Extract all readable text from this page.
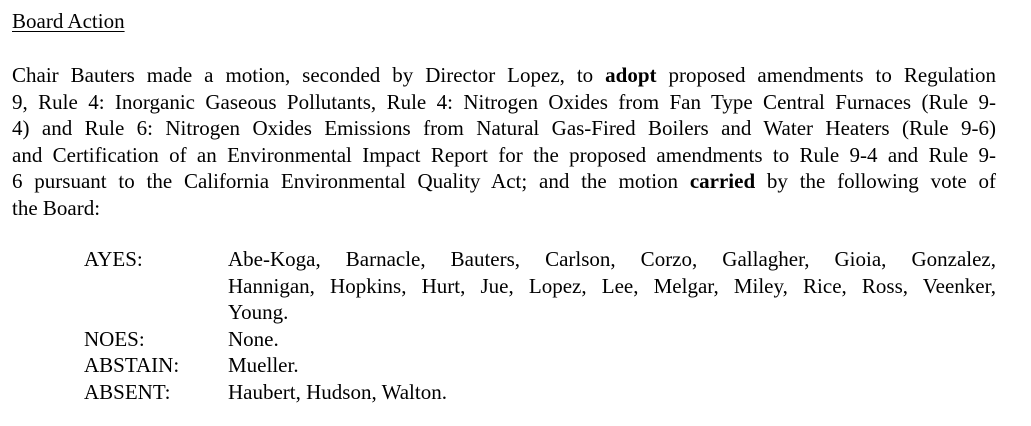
Board Action
Chair Bauters made a motion, seconded by Director Lopez, to adopt proposed amendments to Regulation
9, Rule 4: Inorganic Gaseous Pollutants, Rule 4: Nitrogen Oxides from Fan Type Central Furnaces (Rule 9-
4) and Rule 6: Nitrogen Oxides Emissions from Natural Gas-Fired Boilers and Water Heaters (Rule 9-6)
and Certification of an Environmental Impact Report for the proposed amendments to Rule 9-4 and Rule 9-
6 pursuant to the California Environmental Quality Act; and the motion carried by the following vote of
the Board:
AYES:	Abe-Koga, Barnacle, Bauters, Carlson, Corzo, Gallagher, Gioia, Gonzalez,
Hannigan, Hopkins, Hurt, Jue, Lopez, Lee, Melgar, Miley, Rice, Ross, Veenker,
Young.
NOES:	None.
ABSTAIN:	Mueller.
ABSENT:	Haubert, Hudson, Walton.
